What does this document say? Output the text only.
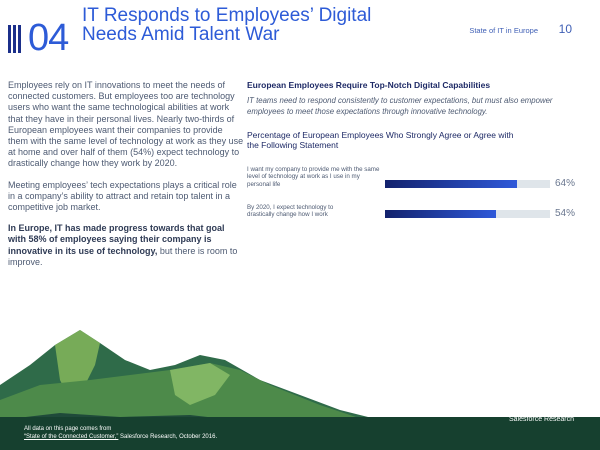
04
IT Responds to Employees’ Digital
Needs Amid Talent War	State of IT in Europe 10

Employees rely on IT innovations to meet the needs of connected customers. But employees too are technology users who want the same technological abilities at work that they have in their personal lives. Nearly two-thirds of European employees want their companies to provide them with the same level of technology at work as they use at home and over half of them (54%) expect technology to drastically change how they work by 2020.

Meeting employees’ tech expectations plays a critical role in a company’s ability to attract and retain top talent in a competitive job market.

In Europe, IT has made progress towards that goal with 58% of employees saying their company is innovative in its use of technology, but there is room to improve.

European Employees Require Top-Notch Digital Capabilities
IT teams need to respond consistently to customer expectations, but must also empower employees to meet those expectations through innovative technology.
Percentage of European Employees Who Strongly Agree or Agree with the Following Statement
I want my company to provide me with the same level of technology at work as I use in my personal life	64%
By 2020, I expect technology to drastically change how I work	54%
Salesforce Research
All data on this page comes from
“State of the Connected Customer,” Salesforce Research, October 2016.
